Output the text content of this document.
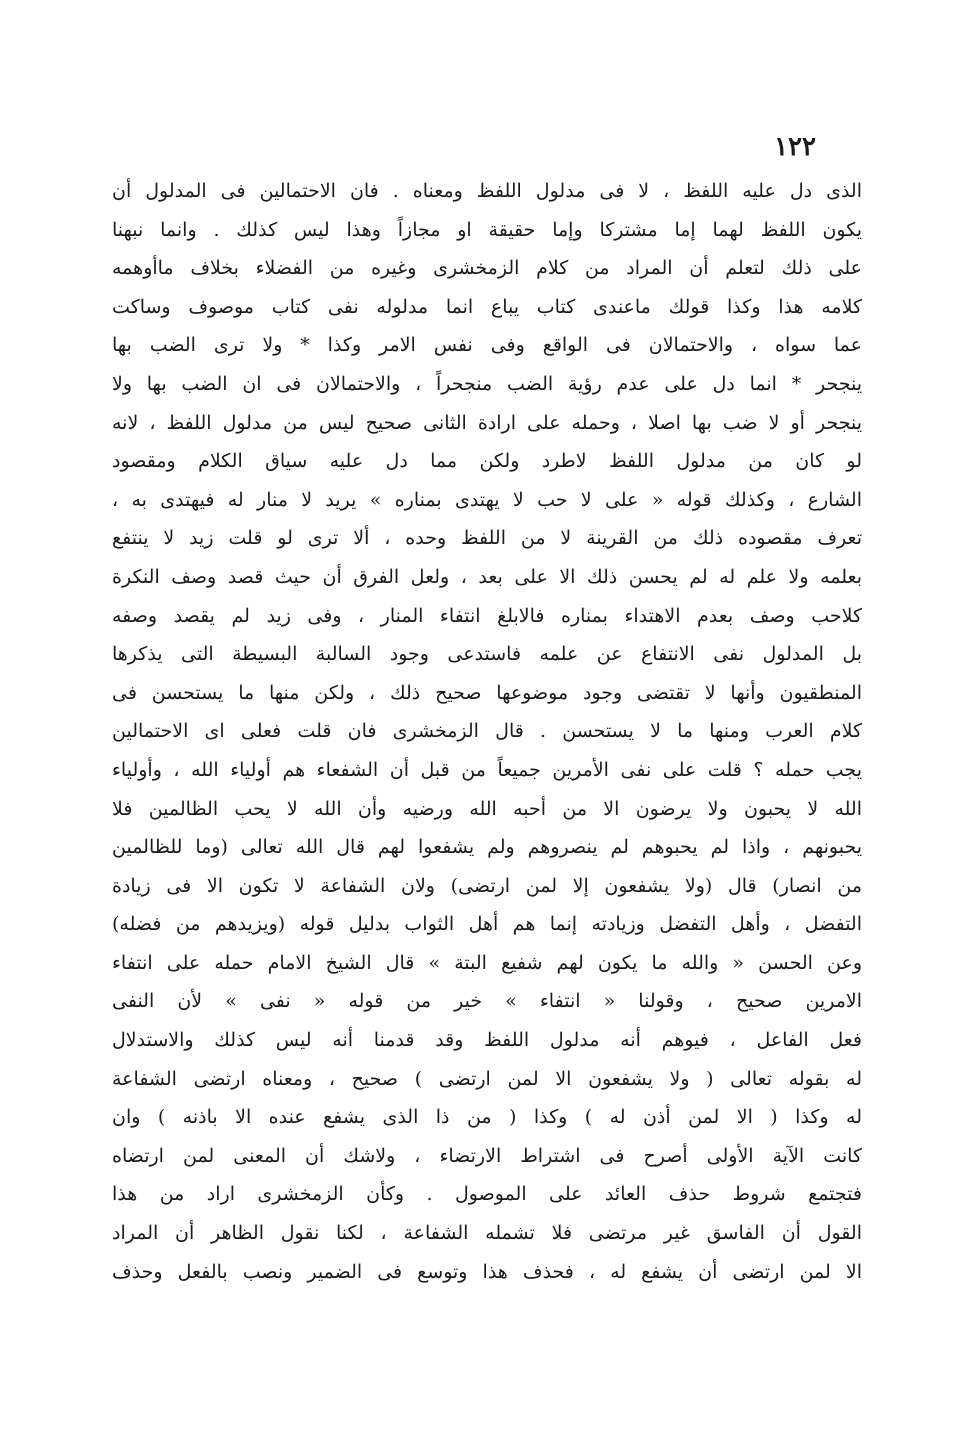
١٢٢
الذى دل عليه اللفظ ، لا فى مدلول اللفظ ومعناه . فان الاحتمالين فى المدلول أن
يكون اللفظ لهما إما مشتركا وإما حقيقة او مجازاً وهذا ليس كذلك . وانما نبهنا
على ذلك لتعلم أن المراد من كلام الزمخشرى وغيره من الفضلاء بخلاف ماأوهمه
كلامه هذا وكذا قولك ماعندى كتاب يباع انما مدلوله نفى كتاب موصوف وساكت
عما سواه ، والاحتمالان فى الواقع وفى نفس الامر وكذا * ولا ترى الضب بها
ينجحر * انما دل على عدم رؤية الضب منجحراً ، والاحتمالان فى ان الضب بها ولا
ينجحر أو لا ضب بها اصلا ، وحمله على ارادة الثانى صحيح ليس من مدلول اللفظ ، لانه
لو كان من مدلول اللفظ لاطرد ولكن مما دل عليه سياق الكلام ومقصود
الشارع ، وكذلك قوله « على لا حب لا يهتدى بمناره » يريد لا منار له فيهتدى به ،
تعرف مقصوده ذلك من القرينة لا من اللفظ وحده ، ألا ترى لو قلت زيد لا ينتفع
بعلمه ولا علم له لم يحسن ذلك الا على بعد ، ولعل الفرق أن حيث قصد وصف النكرة
كلاحب وصف بعدم الاهتداء بمناره فالابلغ انتفاء المنار ، وفى زيد لم يقصد وصفه
بل المدلول نفى الانتفاع عن علمه فاستدعى وجود السالبة البسيطة التى يذكرها
المنطقيون وأنها لا تقتضى وجود موضوعها صحيح ذلك ، ولكن منها ما يستحسن فى
كلام العرب ومنها ما لا يستحسن . قال الزمخشرى فان قلت فعلى اى الاحتمالين
يجب حمله ؟ قلت على نفى الأمرين جميعاً من قبل أن الشفعاء هم أولياء الله ، وأولياء
الله لا يحبون ولا يرضون الا من أحبه الله ورضيه وأن الله لا يحب الظالمين فلا
يحبونهم ، واذا لم يحبوهم لم ينصروهم ولم يشفعوا لهم قال الله تعالى (وما للظالمين
من انصار) قال (ولا يشفعون إلا لمن ارتضى) ولان الشفاعة لا تكون الا فى زيادة
التفضل ، وأهل التفضل وزيادته إنما هم أهل الثواب بدليل قوله (ويزيدهم من فضله)
وعن الحسن « والله ما يكون لهم شفيع البتة » قال الشيخ الامام حمله على انتفاء
الامرين صحيح ، وقولنا « انتفاء » خير من قوله « نفى » لأن النفى
فعل الفاعل ، فيوهم أنه مدلول اللفظ وقد قدمنا أنه ليس كذلك والاستدلال
له بقوله تعالى ( ولا يشفعون الا لمن ارتضى ) صحيح ، ومعناه ارتضى الشفاعة
له وكذا ( الا لمن أذن له ) وكذا ( من ذا الذى يشفع عنده الا باذنه ) وان
كانت الآية الأولى أصرح فى اشتراط الارتضاء ، ولاشك أن المعنى لمن ارتضاه
فتجتمع شروط حذف العائد على الموصول . وكأن الزمخشرى اراد من هذا
القول أن الفاسق غير مرتضى فلا تشمله الشفاعة ، لكنا نقول الظاهر أن المراد
الا لمن ارتضى أن يشفع له ، فحذف هذا وتوسع فى الضمير ونصب بالفعل وحذف
